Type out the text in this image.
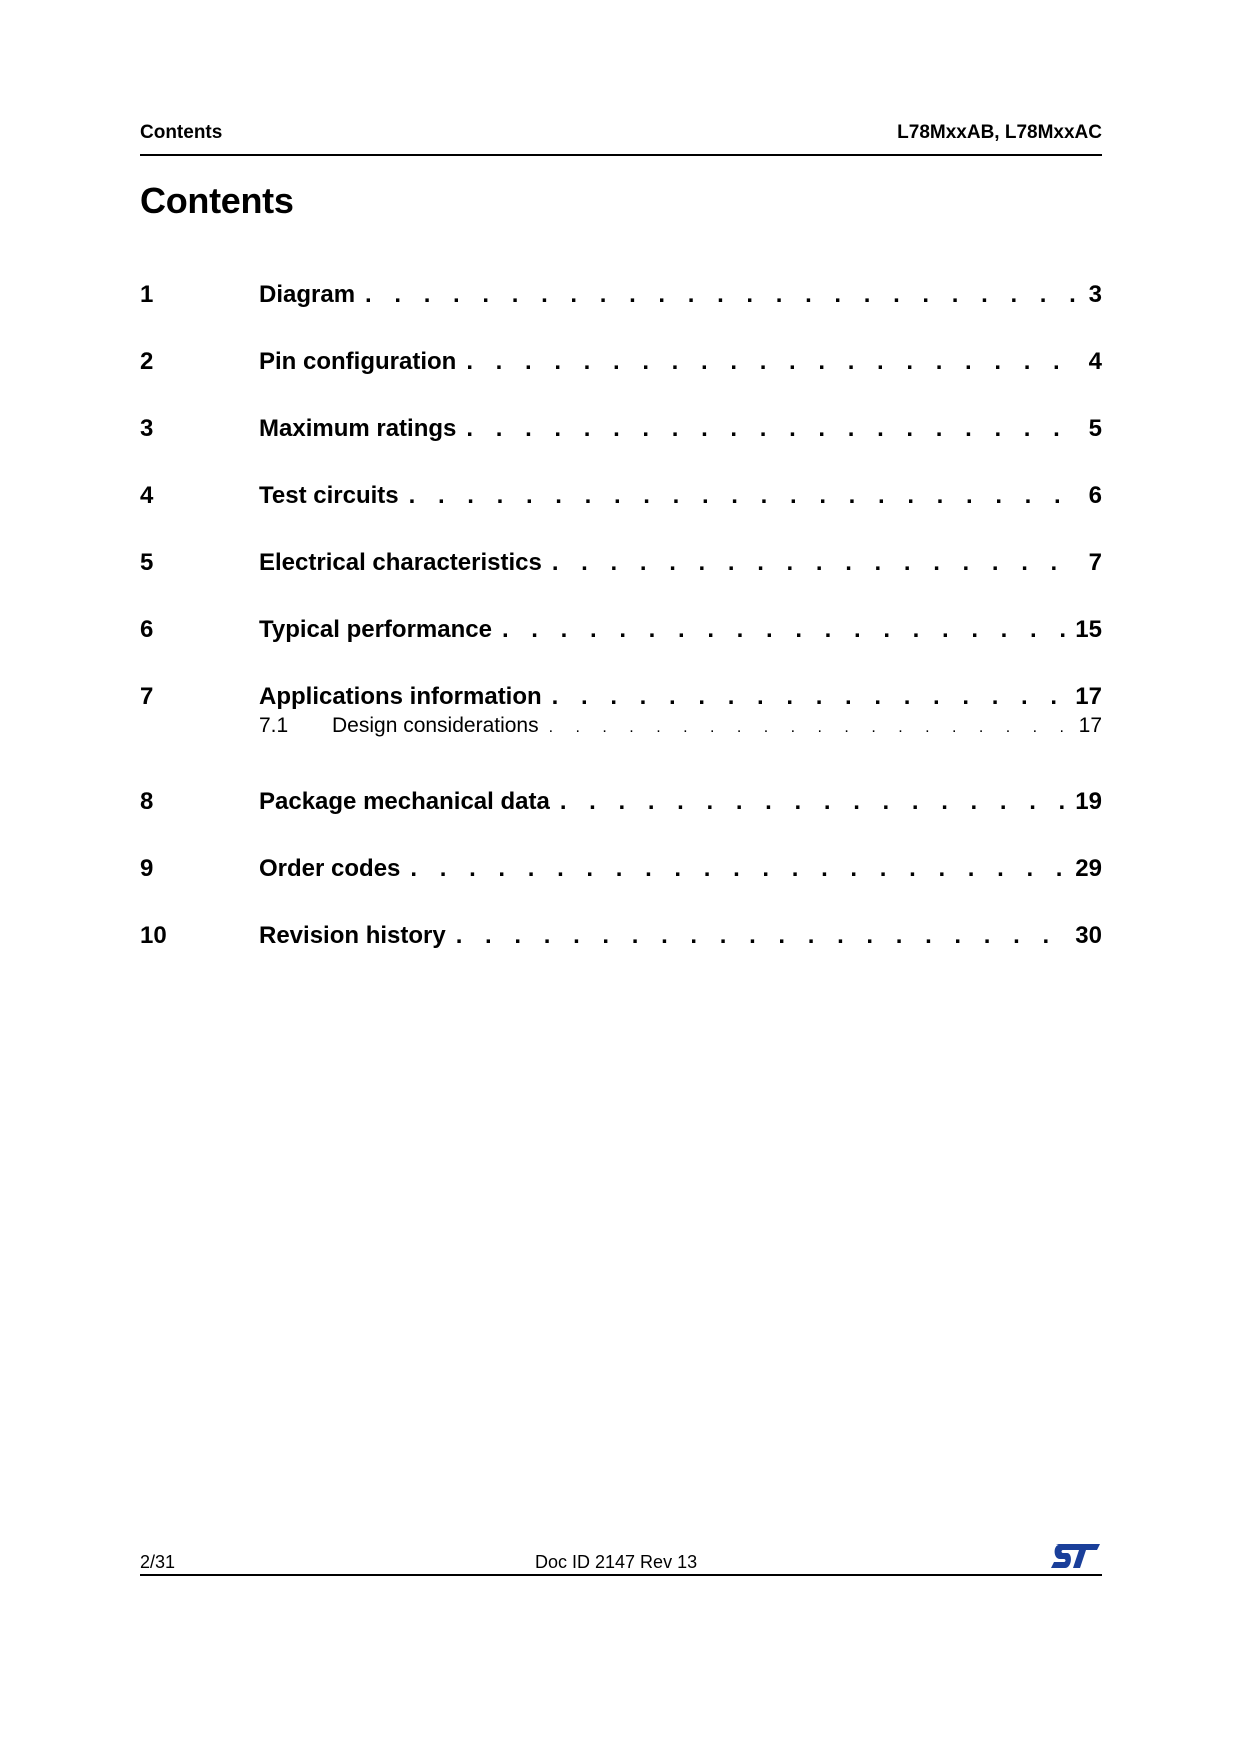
Contents	L78MxxAB, L78MxxAC
Contents
1	Diagram . . .	3
2	Pin configuration . . .	4
3	Maximum ratings . . .	5
4	Test circuits . . .	6
5	Electrical characteristics . . .	7
6	Typical performance . . .	15
7	Applications information . . .	17
7.1	Design considerations . . .	17
8	Package mechanical data . . .	19
9	Order codes . . .	29
10	Revision history . . .	30
2/31	Doc ID 2147 Rev 13
